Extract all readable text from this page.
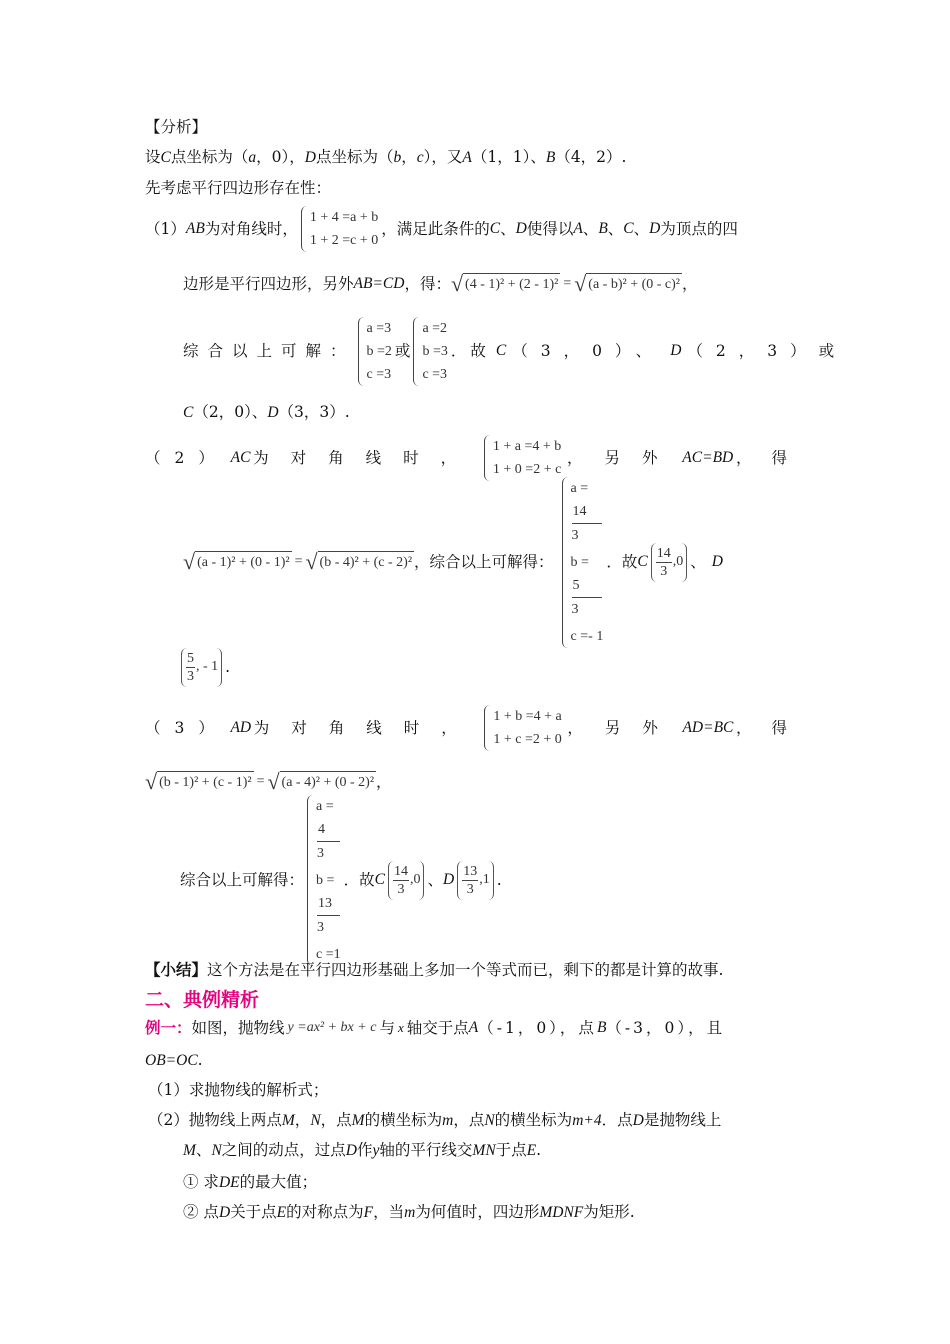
【分析】
设C点坐标为（a，0），D点坐标为（b，c），又A（1，1）、B（4，2）.
先考虑平行四边形存在性：
（1） AB 为对角线时，
1 + 4 =a + b
1 + 2 =c + 0
，满足此条件的 C 、 D 使得以 A 、 B 、 C 、 D 为顶点的四
边形是平行四边形，另外 AB=CD ，得： √ (4 - 1)² + (2 - 1)² = √ (a - b)² + (0 - c)² ，
综合以上可解：
a =3
b =2
c =3
或
a =2
b =3
c =3
．故 C （3，0）、 D （2，3）或
C（2，0）、D（3，3）.
（2） AC 为对角线时，
1 + a =4 + b
1 + 0 =2 + c
，另外 AC=BD ，得
√ (a - 1)² + (0 - 1)² = √ (b - 4)² + (c - 2)² ，综合以上可解得：
a =
14
3
b =
5
3
c =- 1
．故 C 14
3
,0 、 D
5
3
, - 1 .
（3） AD 为对角线时，
1 + b =4 + a
1 + c =2 + 0
，另外 AD=BC ，得
√ (b - 1)² + (c - 1)² = √ (a - 4)² + (0 - 2)² ，
综合以上可解得：
a =
4
3
b =
13
3
c =1
．故 C 14
3
,0 、 D 13
3
,1 .
【小结】这个方法是在平行四边形基础上多加一个等式而已，剩下的都是计算的故事.
二、典例精析
例一： 如图，抛物线 y =ax² + bx + c 与 x 轴交于点 A （-1，0），点 B （-3，0），且
OB=OC.
（1）求抛物线的解析式；
（2）抛物线上两点M，N，点M的横坐标为m，点N的横坐标为m+4．点D是抛物线上
M、N之间的动点，过点D作y轴的平行线交MN于点E.
① 求DE的最大值；
② 点D关于点E的对称点为F，当m为何值时，四边形MDNF为矩形.
